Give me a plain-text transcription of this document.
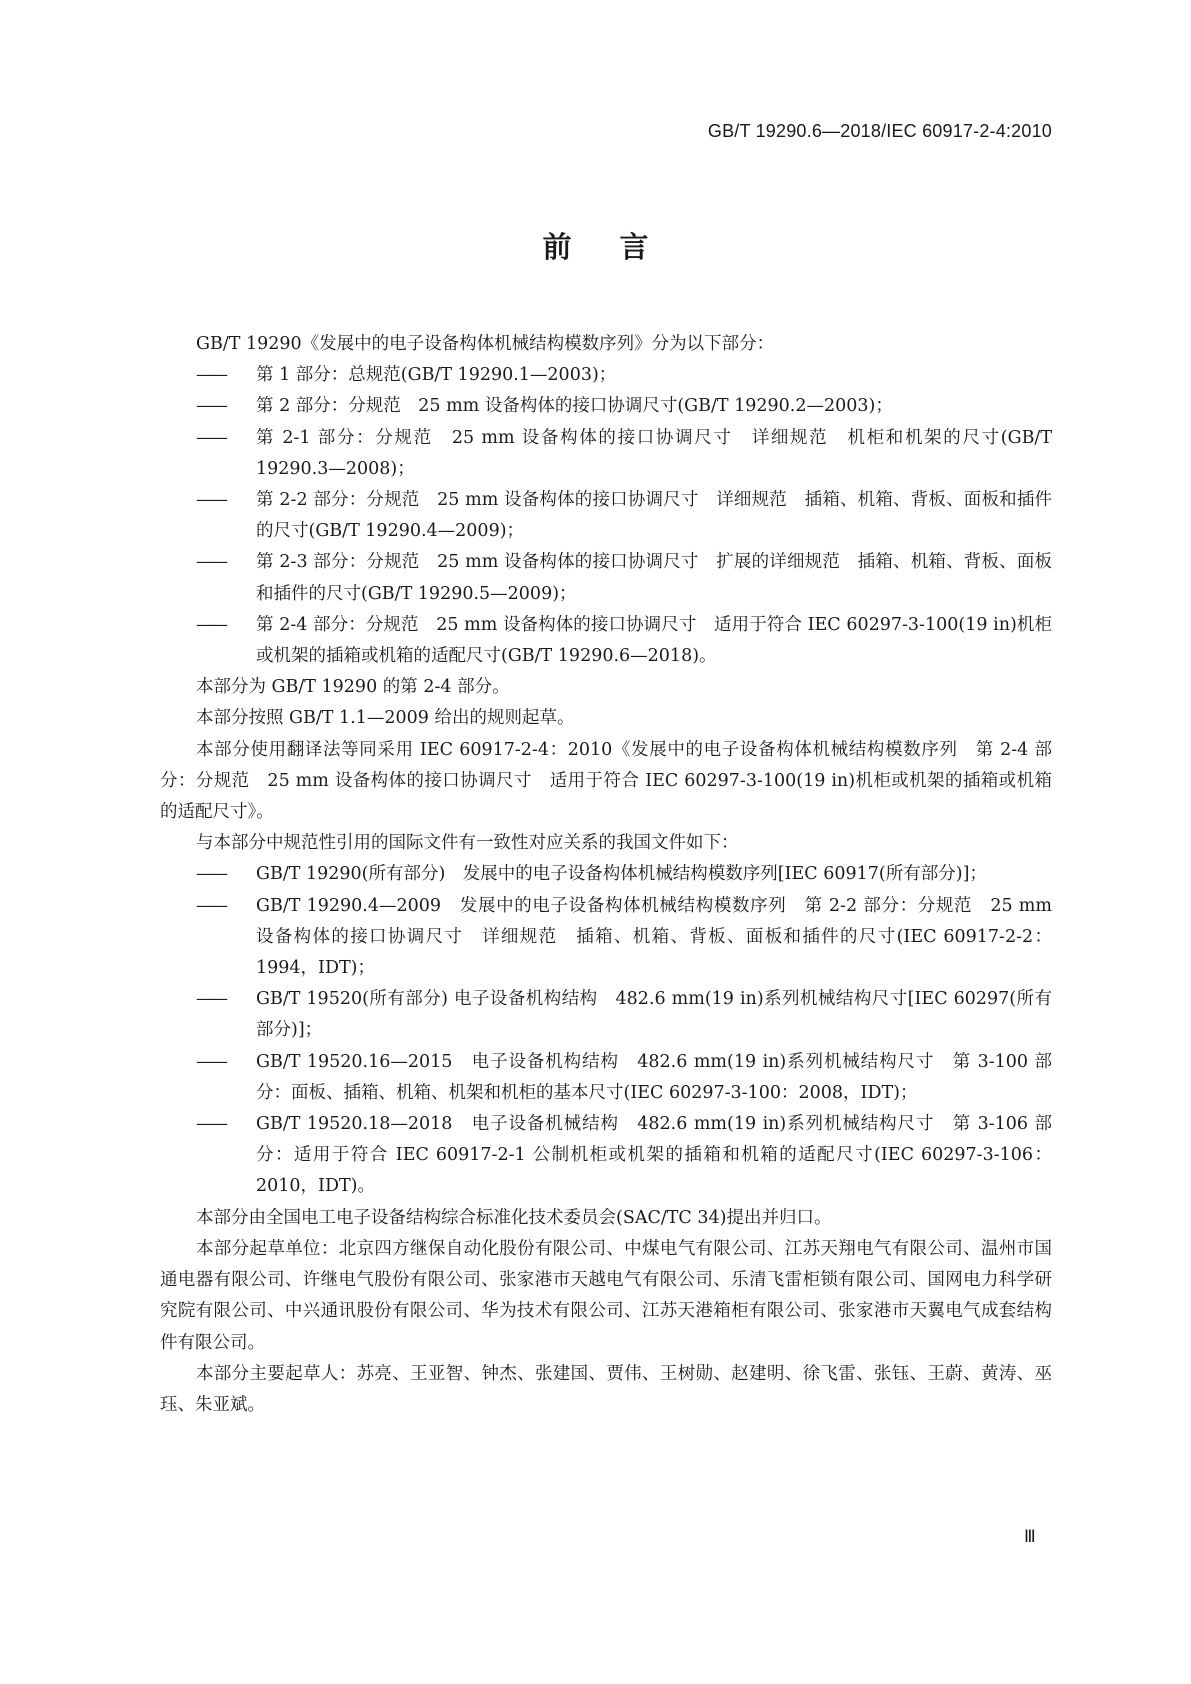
GB/T 19290.6—2018/IEC 60917-2-4:2010
前言

GB/T 19290《发展中的电子设备构体机械结构模数序列》分为以下部分：

—— 第 1 部分：总规范(GB/T 19290.1—2003)；

—— 第 2 部分：分规范　25 mm 设备构体的接口协调尺寸(GB/T 19290.2—2003)；

—— 第 2-1 部分：分规范　25 mm 设备构体的接口协调尺寸　详细规范　机柜和机架的尺寸(GB/T 19290.3—2008)；

—— 第 2-2 部分：分规范　25 mm 设备构体的接口协调尺寸　详细规范　插箱、机箱、背板、面板和插件的尺寸(GB/T 19290.4—2009)；

—— 第 2-3 部分：分规范　25 mm 设备构体的接口协调尺寸　扩展的详细规范　插箱、机箱、背板、面板和插件的尺寸(GB/T 19290.5—2009)；

—— 第 2-4 部分：分规范　25 mm 设备构体的接口协调尺寸　适用于符合 IEC 60297-3-100(19 in)机柜或机架的插箱或机箱的适配尺寸(GB/T 19290.6—2018)。

本部分为 GB/T 19290 的第 2-4 部分。

本部分按照 GB/T 1.1—2009 给出的规则起草。

本部分使用翻译法等同采用 IEC 60917-2-4：2010《发展中的电子设备构体机械结构模数序列　第 2-4 部分：分规范　25 mm 设备构体的接口协调尺寸　适用于符合 IEC 60297-3-100(19 in)机柜或机架的插箱或机箱的适配尺寸》。

与本部分中规范性引用的国际文件有一致性对应关系的我国文件如下：

—— GB/T 19290(所有部分)　发展中的电子设备构体机械结构模数序列[IEC 60917(所有部分)]；

—— GB/T 19290.4—2009　发展中的电子设备构体机械结构模数序列　第 2-2 部分：分规范　25 mm 设备构体的接口协调尺寸　详细规范　插箱、机箱、背板、面板和插件的尺寸(IEC 60917-2-2：1994，IDT)；

—— GB/T 19520(所有部分) 电子设备机构结构　482.6 mm(19 in)系列机械结构尺寸[IEC 60297(所有部分)]；

—— GB/T 19520.16—2015　电子设备机构结构　482.6 mm(19 in)系列机械结构尺寸　第 3-100 部分：面板、插箱、机箱、机架和机柜的基本尺寸(IEC 60297-3-100：2008，IDT)；

—— GB/T 19520.18—2018　电子设备机械结构　482.6 mm(19 in)系列机械结构尺寸　第 3-106 部分：适用于符合 IEC 60917-2-1 公制机柜或机架的插箱和机箱的适配尺寸(IEC 60297-3-106：2010，IDT)。

本部分由全国电工电子设备结构综合标准化技术委员会(SAC/TC 34)提出并归口。

本部分起草单位：北京四方继保自动化股份有限公司、中煤电气有限公司、江苏天翔电气有限公司、温州市国通电器有限公司、许继电气股份有限公司、张家港市天越电气有限公司、乐清飞雷柜锁有限公司、国网电力科学研究院有限公司、中兴通讯股份有限公司、华为技术有限公司、江苏天港箱柜有限公司、张家港市天翼电气成套结构件有限公司。

本部分主要起草人：苏亮、王亚智、钟杰、张建国、贾伟、王树勋、赵建明、徐飞雷、张钰、王蔚、黄涛、巫珏、朱亚斌。

Ⅲ
